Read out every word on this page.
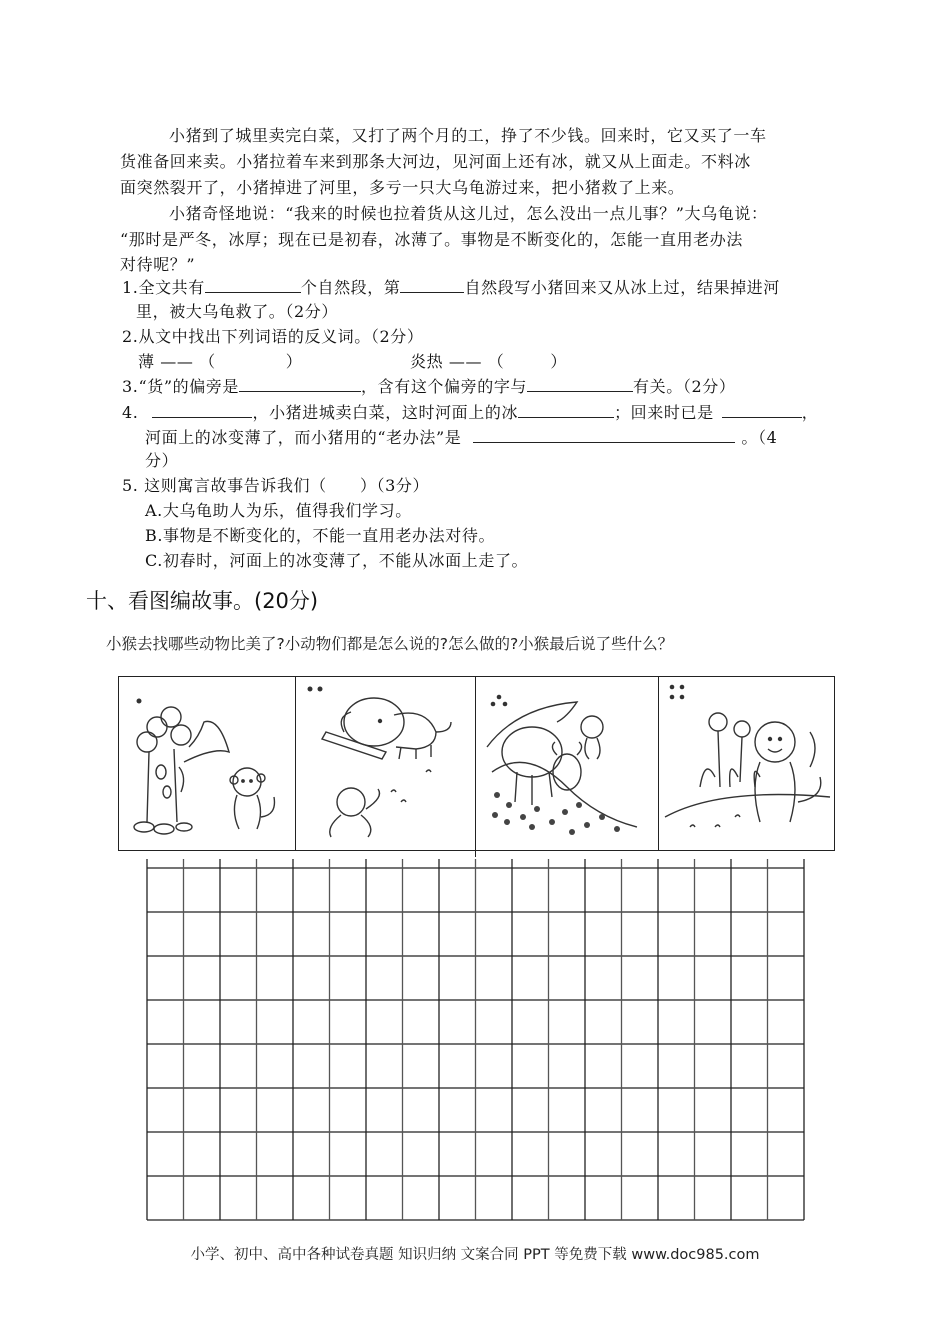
小猪到了城里卖完白菜，又打了两个月的工，挣了不少钱。回来时，它又买了一车
货准备回来卖。小猪拉着车来到那条大河边，见河面上还有冰，就又从上面走。不料冰
面突然裂开了，小猪掉进了河里，多亏一只大乌龟游过来，把小猪救了上来。
小猪奇怪地说：“我来的时候也拉着货从这儿过，怎么没出一点儿事？”大乌龟说：
“那时是严冬，冰厚；现在已是初春，冰薄了。事物是不断变化的，怎能一直用老办法
对待呢？”
1.全文共有	个自然段，第	自然段写小猪回来又从冰上过，结果掉进河
里，被大乌龟救了。（2分）
2.从文中找出下列词语的反义词。（2分）
薄 —— （	）	炎热 —— （	）
3.“货”的偏旁是	，含有这个偏旁的字与	有关。（2分）
4.	，小猪进城卖白菜，这时河面上的冰	；回来时已是	，
河面上的冰变薄了，而小猪用的“老办法”是	。（4
分）
5. 这则寓言故事告诉我们（　　）（3分）
A.大乌龟助人为乐，值得我们学习。
B.事物是不断变化的，不能一直用老办法对待。
C.初春时，河面上的冰变薄了，不能从冰面上走了。
十、看图编故事。(20分)
小猴去找哪些动物比美了?小动物们都是怎么说的?怎么做的?小猴最后说了些什么？
小学、初中、高中各种试卷真题 知识归纳 文案合同 PPT 等免费下载 www.doc985.com
